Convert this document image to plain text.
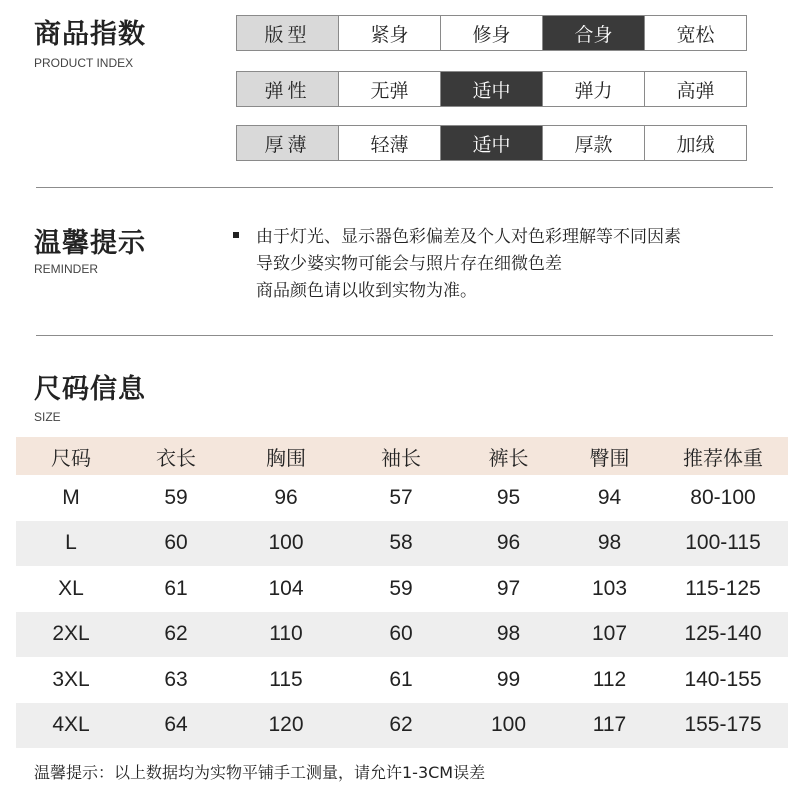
商品指数
PRODUCT INDEX
版型	紧身	修身	合身	宽松
弹性	无弹	适中	弹力	高弹
厚薄	轻薄	适中	厚款	加绒
温馨提示
REMINDER
由于灯光、显示器色彩偏差及个人对色彩理解等不同因素
导致少婆实物可能会与照片存在细微色差
商品颜色请以收到实物为准。
尺码信息
SIZE
尺码	衣长	胸围	袖长	裤长	臀围	推荐体重
M	59	96	57	95	94	80-100
L	60	100	58	96	98	100-115
XL	61	104	59	97	103	115-125
2XL	62	110	60	98	107	125-140
3XL	63	115	61	99	112	140-155
4XL	64	120	62	100	117	155-175
温馨提示：以上数据均为实物平铺手工测量，请允许1-3CM误差
